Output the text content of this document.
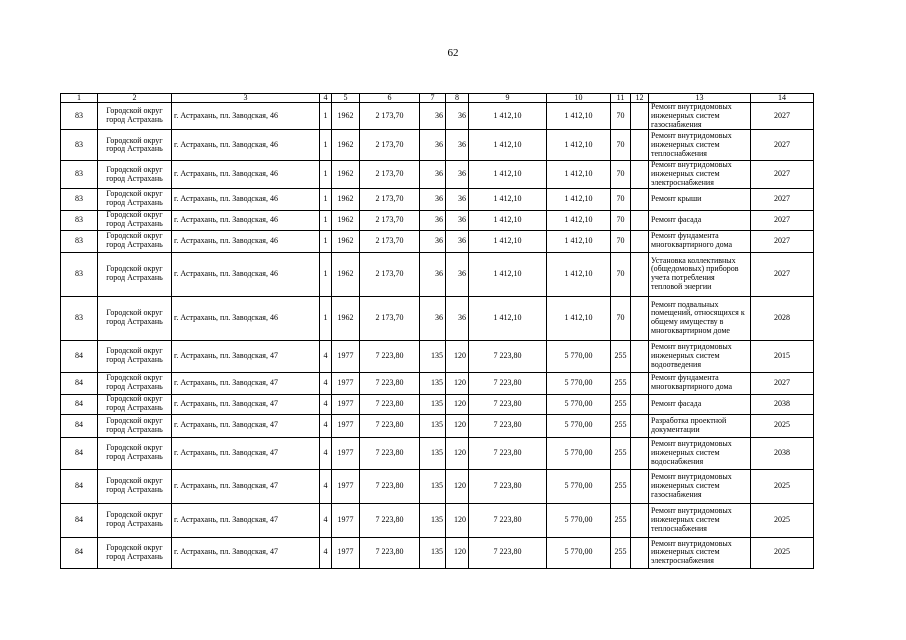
62
1	2	3	4	5	6	7	8	9	10	11	12	13	14
83	Городской округ город Астрахань	г. Астрахань, пл. Заводская, 46	1	1962	2 173,70	36	36	1 412,10	1 412,10	70		Ремонт внутридомовых инженерных систем газоснабжения	2027
83	Городской округ город Астрахань	г. Астрахань, пл. Заводская, 46	1	1962	2 173,70	36	36	1 412,10	1 412,10	70		Ремонт внутридомовых инженерных систем теплоснабжения	2027
83	Городской округ город Астрахань	г. Астрахань, пл. Заводская, 46	1	1962	2 173,70	36	36	1 412,10	1 412,10	70		Ремонт внутридомовых инженерных систем электроснабжения	2027
83	Городской округ город Астрахань	г. Астрахань, пл. Заводская, 46	1	1962	2 173,70	36	36	1 412,10	1 412,10	70		Ремонт крыши	2027
83	Городской округ город Астрахань	г. Астрахань, пл. Заводская, 46	1	1962	2 173,70	36	36	1 412,10	1 412,10	70		Ремонт фасада	2027
83	Городской округ город Астрахань	г. Астрахань, пл. Заводская, 46	1	1962	2 173,70	36	36	1 412,10	1 412,10	70		Ремонт фундамента многоквартирного дома	2027
83	Городской округ город Астрахань	г. Астрахань, пл. Заводская, 46	1	1962	2 173,70	36	36	1 412,10	1 412,10	70		Установка коллективных (общедомовых) приборов учета потребления тепловой энергии	2027
83	Городской округ город Астрахань	г. Астрахань, пл. Заводская, 46	1	1962	2 173,70	36	36	1 412,10	1 412,10	70		Ремонт подвальных помещений, относящихся к общему имуществу в многоквартирном доме	2028
84	Городской округ город Астрахань	г. Астрахань, пл. Заводская, 47	4	1977	7 223,80	135	120	7 223,80	5 770,00	255		Ремонт внутридомовых инженерных систем водоотведения	2015
84	Городской округ город Астрахань	г. Астрахань, пл. Заводская, 47	4	1977	7 223,80	135	120	7 223,80	5 770,00	255		Ремонт фундамента многоквартирного дома	2027
84	Городской округ город Астрахань	г. Астрахань, пл. Заводская, 47	4	1977	7 223,80	135	120	7 223,80	5 770,00	255		Ремонт фасада	2038
84	Городской округ город Астрахань	г. Астрахань, пл. Заводская, 47	4	1977	7 223,80	135	120	7 223,80	5 770,00	255		Разработка проектной документации	2025
84	Городской округ город Астрахань	г. Астрахань, пл. Заводская, 47	4	1977	7 223,80	135	120	7 223,80	5 770,00	255		Ремонт внутридомовых инженерных систем водоснабжения	2038
84	Городской округ город Астрахань	г. Астрахань, пл. Заводская, 47	4	1977	7 223,80	135	120	7 223,80	5 770,00	255		Ремонт внутридомовых инженерных систем газоснабжения	2025
84	Городской округ город Астрахань	г. Астрахань, пл. Заводская, 47	4	1977	7 223,80	135	120	7 223,80	5 770,00	255		Ремонт внутридомовых инженерных систем теплоснабжения	2025
84	Городской округ город Астрахань	г. Астрахань, пл. Заводская, 47	4	1977	7 223,80	135	120	7 223,80	5 770,00	255		Ремонт внутридомовых инженерных систем электроснабжения	2025
